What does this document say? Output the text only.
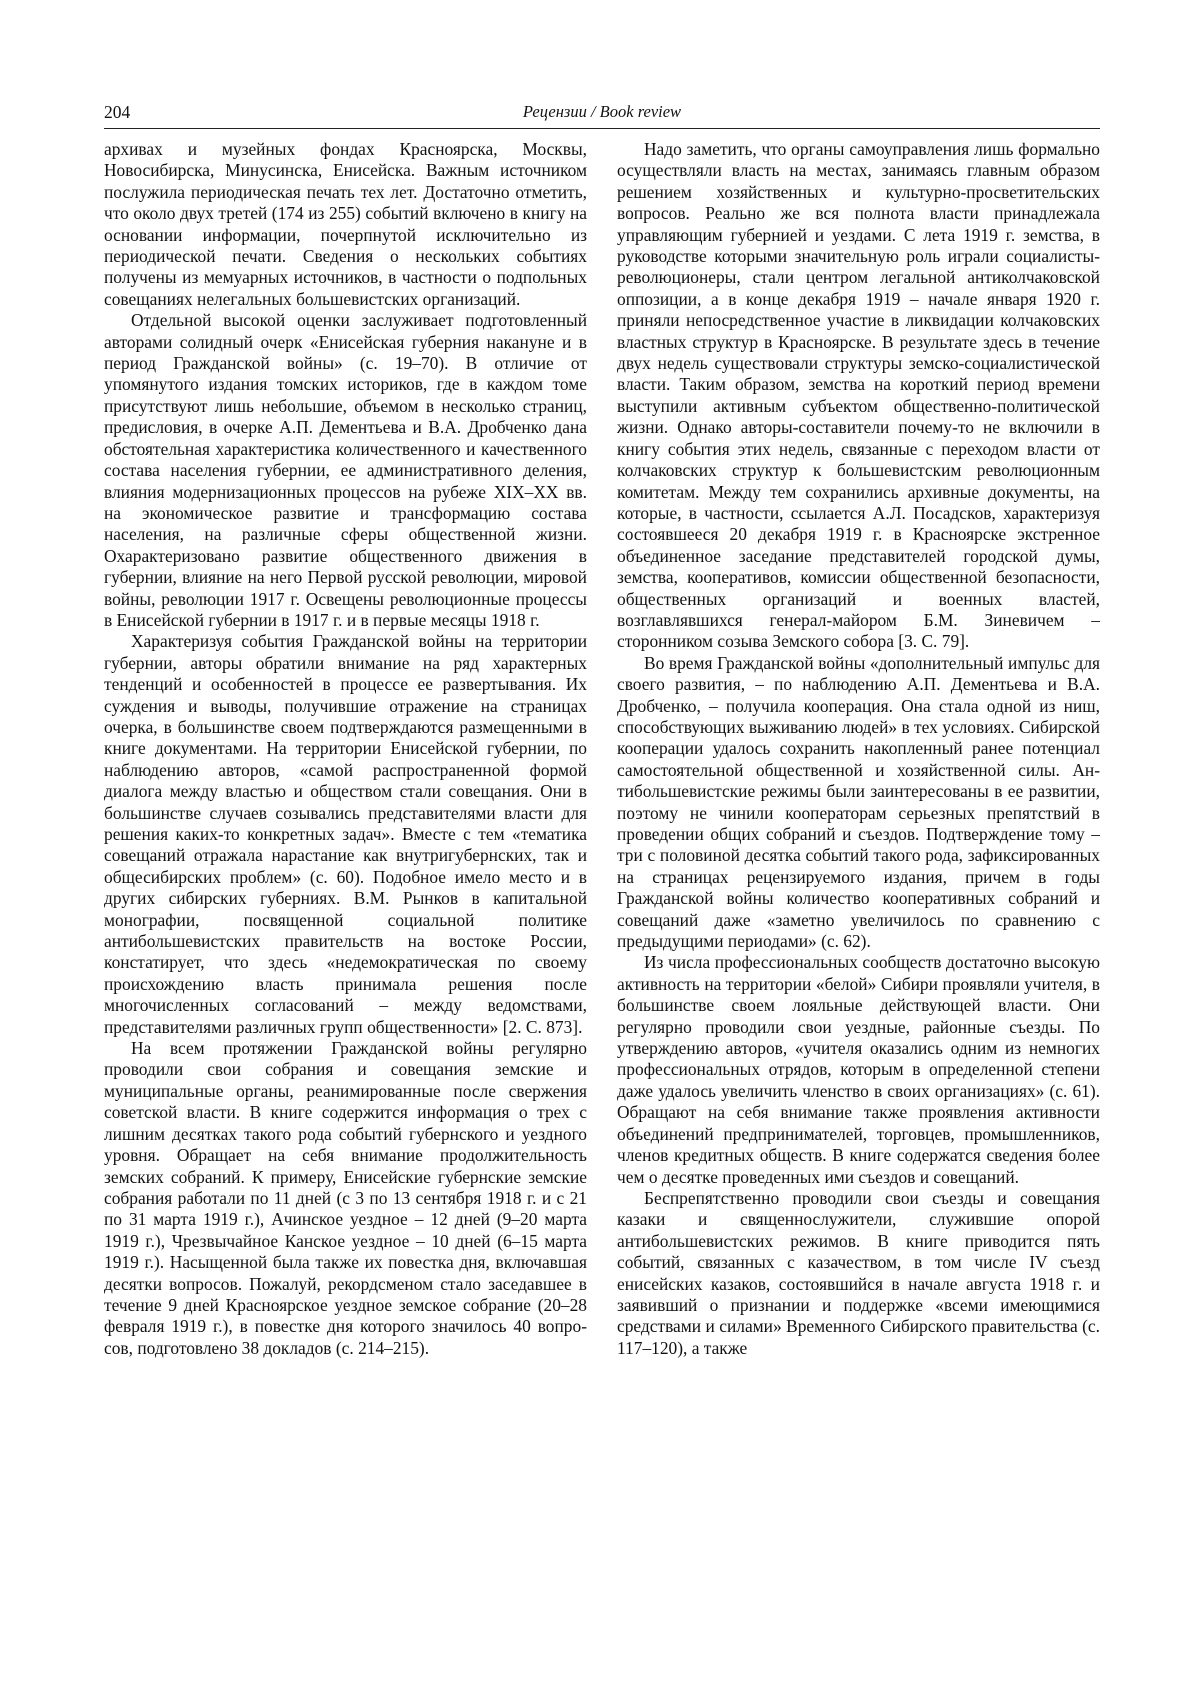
204	Рецензии / Book review

архивах и музейных фондах Красноярска, Москвы, Новосибирска, Минусинска, Енисейска. Важным источником послужила периодическая печать тех лет. Достаточно отметить, что около двух третей (174 из 255) событий включено в книгу на основании информации, почерпнутой исключительно из периодической печати. Сведения о нескольких событиях получены из мемуарных источников, в частности о подпольных совещаниях нелегальных большевистских организаций.

Отдельной высокой оценки заслуживает подготовленный авторами солидный очерк «Енисейская губерния накануне и в период Гражданской войны» (с. 19–70). В отличие от упомянутого издания томских историков, где в каждом томе присутствуют лишь небольшие, объемом в несколько страниц, предисловия, в очерке А.П. Дементьева и В.А. Дробченко дана обстоятельная характеристика количественного и качественного состава населения губернии, ее административного деления, влияния модернизационных процессов на рубеже XIX–XX вв. на экономическое развитие и трансформацию состава населения, на различные сферы общественной жизни. Охарактеризовано развитие общественного движения в губернии, влияние на него Первой русской революции, мировой войны, революции 1917 г. Освещены революционные процессы в Енисейской губернии в 1917 г. и в первые месяцы 1918 г.

Характеризуя события Гражданской войны на территории губернии, авторы обратили внимание на ряд характерных тенденций и особенностей в процессе ее развертывания. Их суждения и выводы, получившие отражение на страницах очерка, в большинстве своем подтверждаются размещенными в книге документами. На территории Енисейской губернии, по наблюдению авторов, «самой распространенной формой диалога между властью и обществом стали совещания. Они в большинстве случаев созывались представителями власти для решения каких-то конкретных задач». Вместе с тем «тематика совещаний отражала нарастание как внутригубернских, так и общесибирских проблем» (с. 60). Подобное имело место и в других сибирских губерниях. В.М. Рынков в капитальной монографии, посвященной социальной политике антибольшевистских правительств на востоке России, констатирует, что здесь «недемократическая по своему происхождению власть принимала решения после многочисленных согласований – между ведомствами, представителями различных групп общественности» [2. С. 873].

На всем протяжении Гражданской войны регулярно проводили свои собрания и совещания земские и муниципальные органы, реанимированные после свержения советской власти. В книге содержится информация о трех с лишним десятках такого рода событий губернского и уездного уровня. Обращает на себя внимание продолжительность земских собраний. К примеру, Енисейские губернские земские собрания работали по 11 дней (с 3 по 13 сентября 1918 г. и с 21 по 31 марта 1919 г.), Ачинское уездное – 12 дней (9–20 марта 1919 г.), Чрезвычайное Канское уездное – 10 дней (6–15 марта 1919 г.). Насыщенной была также их повестка дня, включавшая десятки вопросов. Пожалуй, рекордсменом стало заседавшее в течение 9 дней Красноярское уездное земское собрание (20–28 февраля 1919 г.), в повестке дня которого значилось 40 вопросов, подготовлено 38 докладов (с. 214–215).

Надо заметить, что органы самоуправления лишь формально осуществляли власть на местах, занимаясь главным образом решением хозяйственных и культурно-просветительских вопросов. Реально же вся полнота власти принадлежала управляющим губернией и уездами. С лета 1919 г. земства, в руководстве которыми значительную роль играли социалисты-революционеры, стали центром легальной антиколчаковской оппозиции, а в конце декабря 1919 – начале января 1920 г. приняли непосредственное участие в ликвидации колчаковских властных структур в Красноярске. В результате здесь в течение двух недель существовали структуры земско-социалистической власти. Таким образом, земства на короткий период времени выступили активным субъектом общественно-политической жизни. Однако авторы-составители почему-то не включили в книгу события этих недель, связанные с переходом власти от колчаковских структур к большевистским революционным комитетам. Между тем сохранились архивные документы, на которые, в частности, ссылается А.Л. Посадсков, характеризуя состоявшееся 20 декабря 1919 г. в Красноярске экстренное объединенное заседание представителей городской думы, земства, кооперативов, комиссии общественной безопасности, общественных организаций и военных властей, возглавлявшихся генерал-майором Б.М. Зиневичем – сторонником созыва Земского собора [3. С. 79].

Во время Гражданской войны «дополнительный импульс для своего развития, – по наблюдению А.П. Дементьева и В.А. Дробченко, – получила кооперация. Она стала одной из ниш, способствующих выживанию людей» в тех условиях. Сибирской кооперации удалось сохранить накопленный ранее потенциал самостоятельной общественной и хозяйственной силы. Антибольшевистские режимы были заинтересованы в ее развитии, поэтому не чинили кооператорам серьезных препятствий в проведении общих собраний и съездов. Подтверждение тому – три с половиной десятка событий такого рода, зафиксированных на страницах рецензируемого издания, причем в годы Гражданской войны количество кооперативных собраний и совещаний даже «заметно увеличилось по сравнению с предыдущими периодами» (с. 62).

Из числа профессиональных сообществ достаточно высокую активность на территории «белой» Сибири проявляли учителя, в большинстве своем лояльные действующей власти. Они регулярно проводили свои уездные, районные съезды. По утверждению авторов, «учителя оказались одним из немногих профессиональных отрядов, которым в определенной степени даже удалось увеличить членство в своих организациях» (с. 61). Обращают на себя внимание также проявления активности объединений предпринимателей, торговцев, промышленников, членов кредитных обществ. В книге содержатся сведения более чем о десятке проведенных ими съездов и совещаний.

Беспрепятственно проводили свои съезды и совещания казаки и священнослужители, служившие опорой антибольшевистских режимов. В книге приводится пять событий, связанных с казачеством, в том числе IV съезд енисейских казаков, состоявшийся в начале августа 1918 г. и заявивший о признании и поддержке «всеми имеющимися средствами и силами» Временного Сибирского правительства (с. 117–120), а также
